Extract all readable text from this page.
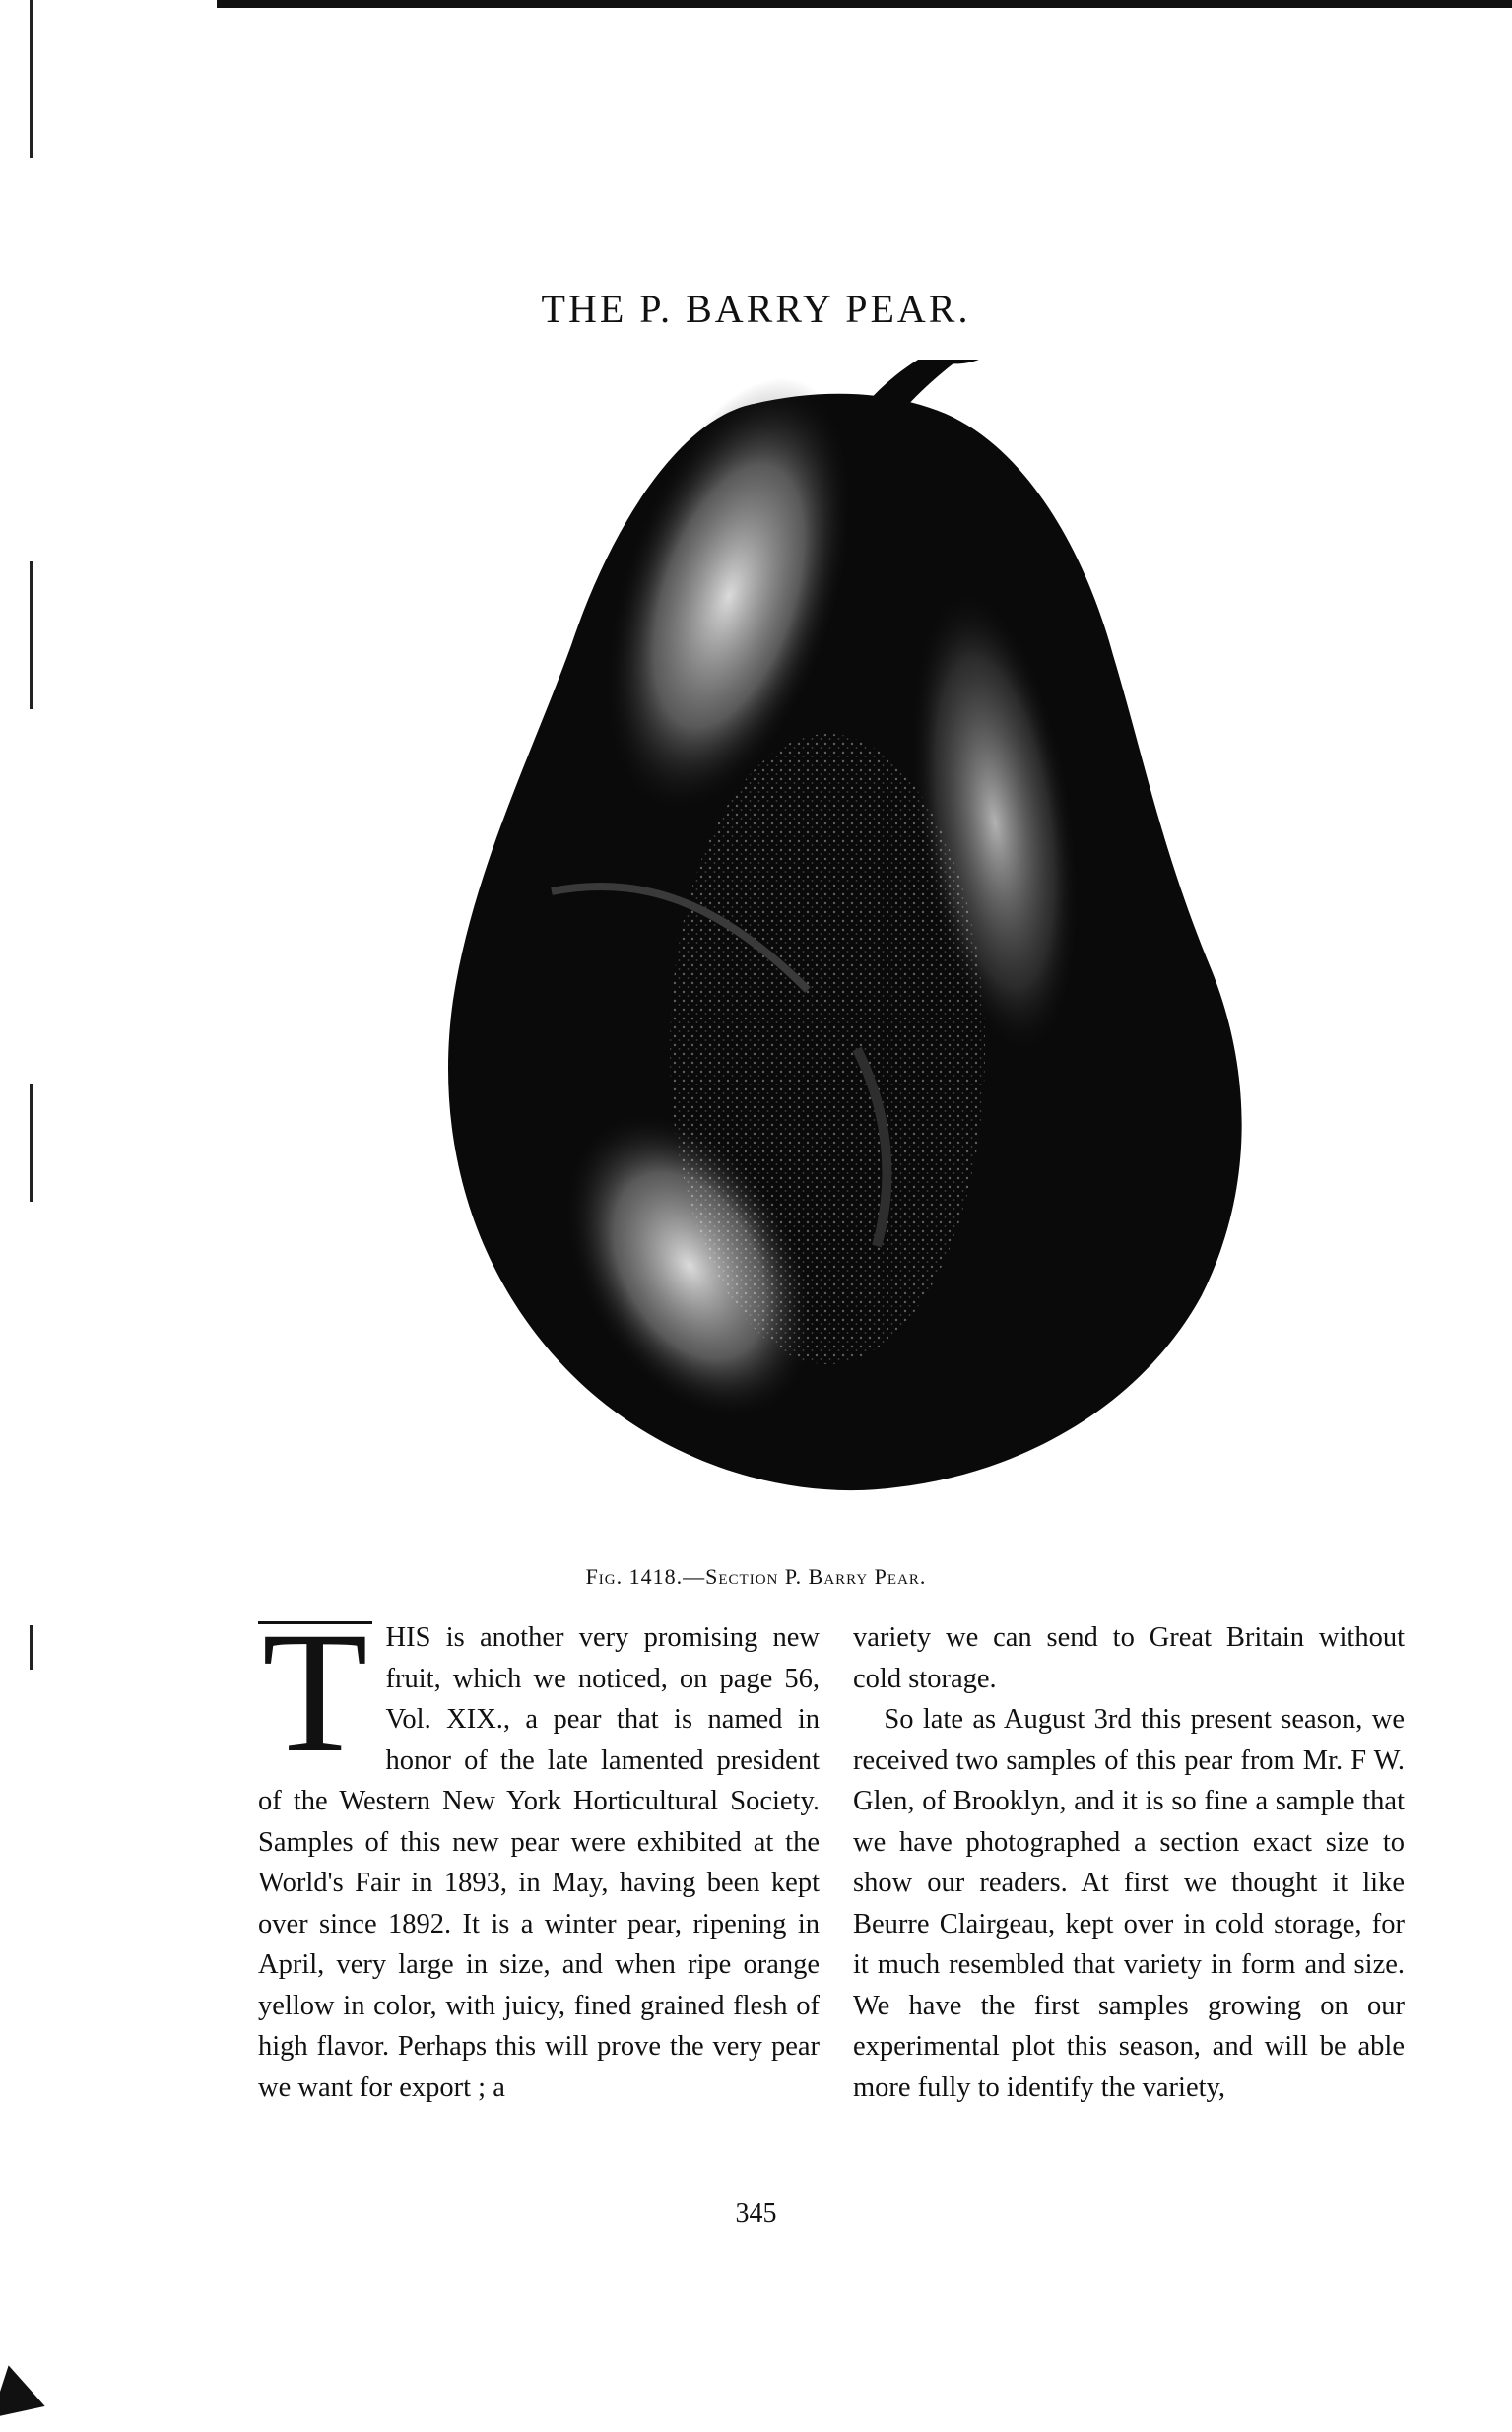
THE P. BARRY PEAR.
Fig. 1418.—Section P. Barry Pear.

T HIS is another very promising new fruit, which we noticed, on page 56, Vol. XIX., a pear that is named in honor of the late lamented president of the Western New York Horticultural Society. Samples of this new pear were exhibited at the World's Fair in 1893, in May, having been kept over since 1892. It is a winter pear, ripening in April, very large in size, and when ripe orange yellow in color, with juicy, fined grained flesh of high flavor. Perhaps this will prove the very pear we want for export ; a

variety we can send to Great Britain without cold storage.

So late as August 3rd this present season, we received two samples of this pear from Mr. F W. Glen, of Brooklyn, and it is so fine a sample that we have photographed a section exact size to show our readers. At first we thought it like Beurre Clairgeau, kept over in cold storage, for it much resembled that variety in form and size. We have the first samples growing on our experimental plot this season, and will be able more fully to identify the variety,

345
